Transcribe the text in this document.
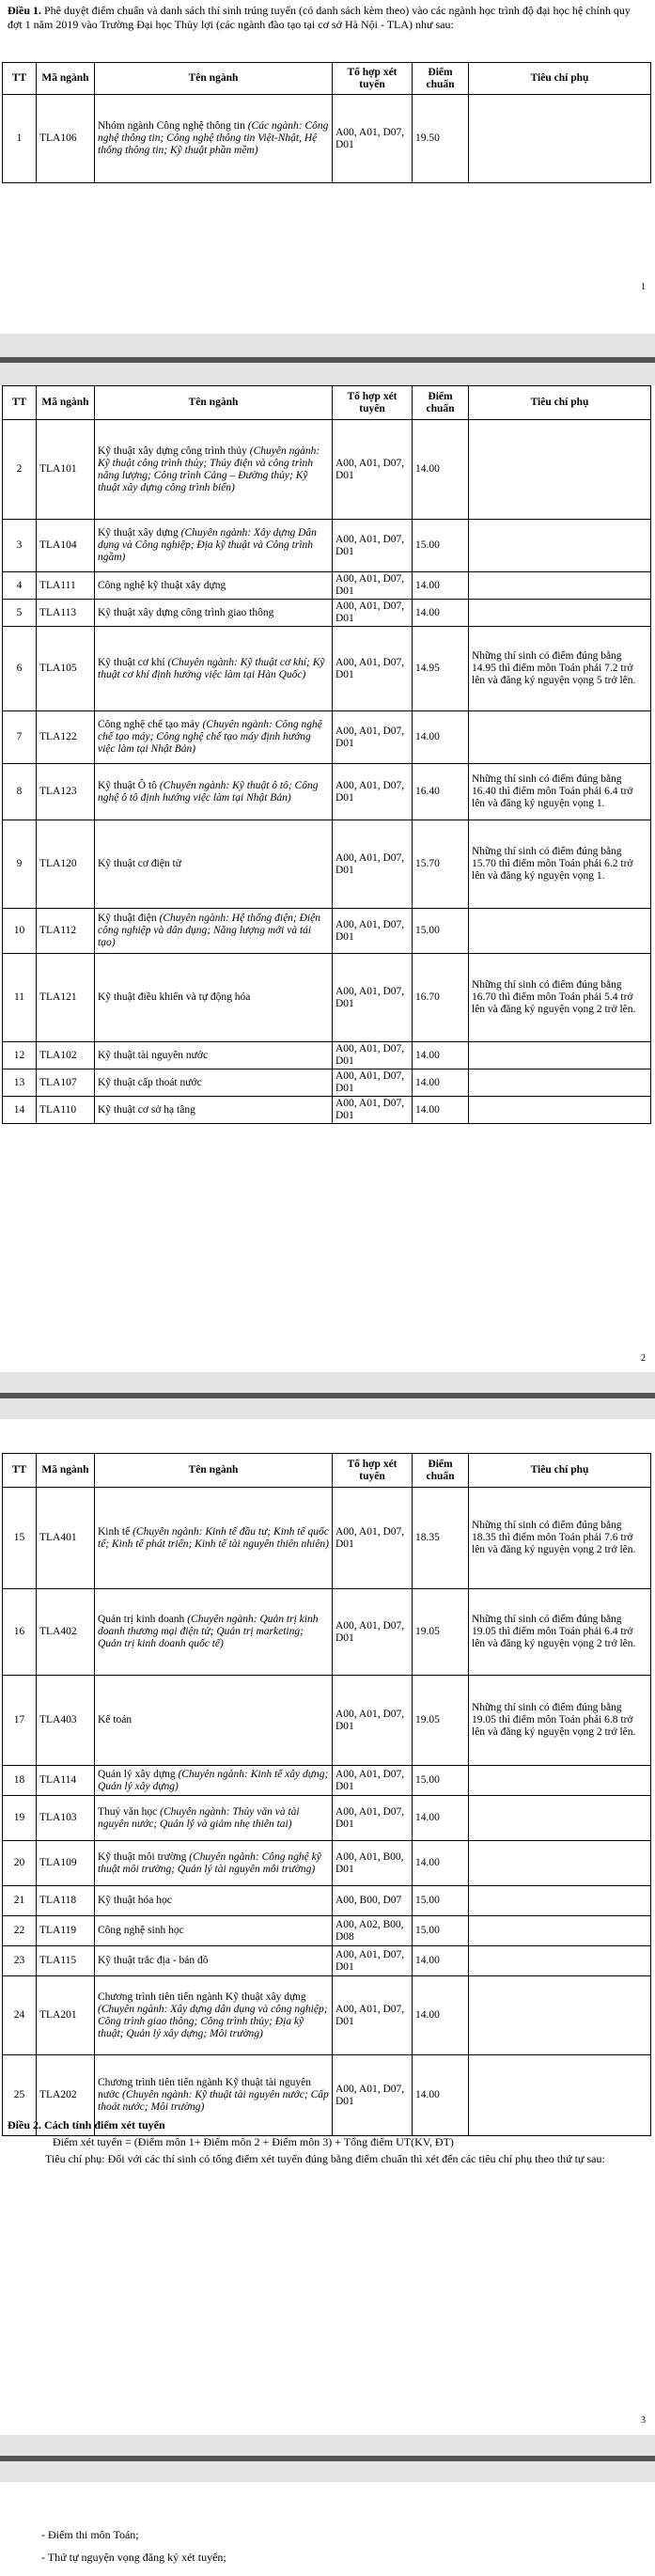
Điều 1. Phê duyệt điểm chuẩn và danh sách thí sinh trúng tuyển (có danh sách kèm theo) vào các ngành học trình độ đại học hệ chính quy đợt 1 năm 2019 vào Trường Đại học Thủy lợi (các ngành đào tạo tại cơ sở Hà Nội - TLA) như sau:
TT	Mã ngành	Tên ngành	Tổ hợp xét tuyển	Điểm chuẩn	Tiêu chí phụ
1	TLA106	Nhóm ngành Công nghệ thông tin (Các ngành: Công nghệ thông tin; Công nghệ thông tin Việt-Nhật, Hệ thống thông tin; Kỹ thuật phần mềm)	A00, A01, D07, D01	19.50	
1
TT	Mã ngành	Tên ngành	Tổ hợp xét tuyển	Điểm chuẩn	Tiêu chí phụ
2	TLA101	Kỹ thuật xây dựng công trình thủy (Chuyên ngành: Kỹ thuật công trình thủy; Thủy điện và công trình năng lượng; Công trình Cảng – Đường thủy; Kỹ thuật xây dựng công trình biển)	A00, A01, D07, D01	14.00	
3	TLA104	Kỹ thuật xây dựng (Chuyên ngành: Xây dựng Dân dụng và Công nghiệp; Địa kỹ thuật và Công trình ngầm)	A00, A01, D07, D01	15.00	
4	TLA111	Công nghệ kỹ thuật xây dựng	A00, A01, D07, D01	14.00	
5	TLA113	Kỹ thuật xây dựng công trình giao thông	A00, A01, D07, D01	14.00	
6	TLA105	Kỹ thuật cơ khí (Chuyên ngành: Kỹ thuật cơ khí; Kỹ thuật cơ khí định hướng việc làm tại Hàn Quốc)	A00, A01, D07, D01	14.95	Những thí sinh có điểm đúng bằng 14.95 thì điểm môn Toán phải 7.2 trở lên và đăng ký nguyện vọng 5 trở lên.
7	TLA122	Công nghệ chế tạo máy (Chuyên ngành: Công nghệ chế tạo máy; Công nghệ chế tạo máy định hướng việc làm tại Nhật Bản)	A00, A01, D07, D01	14.00	
8	TLA123	Kỹ thuật Ô tô (Chuyên ngành: Kỹ thuật ô tô; Công nghệ ô tô định hướng việc làm tại Nhật Bản)	A00, A01, D07, D01	16.40	Những thí sinh có điểm đúng bằng 16.40 thì điểm môn Toán phải 6.4 trở lên và đăng ký nguyện vọng 1.
9	TLA120	Kỹ thuật cơ điện tử	A00, A01, D07, D01	15.70	Những thí sinh có điểm đúng bằng 15.70 thì điểm môn Toán phải 6.2 trở lên và đăng ký nguyện vọng 1.
10	TLA112	Kỹ thuật điện (Chuyên ngành: Hệ thống điện; Điện công nghiệp và dân dụng; Năng lượng mới và tái tạo)	A00, A01, D07, D01	15.00	
11	TLA121	Kỹ thuật điều khiển và tự động hóa	A00, A01, D07, D01	16.70	Những thí sinh có điểm đúng bằng 16.70 thì điểm môn Toán phải 5.4 trở lên và đăng ký nguyện vọng 2 trở lên.
12	TLA102	Kỹ thuật tài nguyên nước	A00, A01, D07, D01	14.00	
13	TLA107	Kỹ thuật cấp thoát nước	A00, A01, D07, D01	14.00	
14	TLA110	Kỹ thuật cơ sở hạ tầng	A00, A01, D07, D01	14.00	
2
TT	Mã ngành	Tên ngành	Tổ hợp xét tuyển	Điểm chuẩn	Tiêu chí phụ
15	TLA401	Kinh tế (Chuyên ngành: Kinh tế đầu tư; Kinh tế quốc tế; Kinh tế phát triển; Kinh tế tài nguyên thiên nhiên)	A00, A01, D07, D01	18.35	Những thí sinh có điểm đúng bằng 18.35 thì điểm môn Toán phải 7.6 trở lên và đăng ký nguyện vọng 2 trở lên.
16	TLA402	Quản trị kinh doanh (Chuyên ngành: Quản trị kinh doanh thương mại điện tử; Quản trị marketing; Quản trị kinh doanh quốc tế)	A00, A01, D07, D01	19.05	Những thí sinh có điểm đúng bằng 19.05 thì điểm môn Toán phải 6.4 trở lên và đăng ký nguyện vọng 2 trở lên.
17	TLA403	Kế toán	A00, A01, D07, D01	19.05	Những thí sinh có điểm đúng bằng 19.05 thì điểm môn Toán phải 6.8 trở lên và đăng ký nguyện vọng 2 trở lên.
18	TLA114	Quản lý xây dựng (Chuyên ngành: Kinh tế xây dựng; Quản lý xây dựng)	A00, A01, D07, D01	15.00	
19	TLA103	Thuỷ văn học (Chuyên ngành: Thủy văn và tài nguyên nước; Quản lý và giảm nhẹ thiên tai)	A00, A01, D07, D01	14.00	
20	TLA109	Kỹ thuật môi trường (Chuyên ngành: Công nghệ kỹ thuật môi trường; Quản lý tài nguyên môi trường)	A00, A01, B00, D01	14.00	
21	TLA118	Kỹ thuật hóa học	A00, B00, D07	15.00	
22	TLA119	Công nghệ sinh học	A00, A02, B00, D08	15.00	
23	TLA115	Kỹ thuật trắc địa - bản đồ	A00, A01, D07, D01	14.00	
24	TLA201	Chương trình tiên tiến ngành Kỹ thuật xây dựng (Chuyên ngành: Xây dựng dân dụng và công nghiệp; Công trình giao thông; Công trình thủy; Địa kỹ thuật; Quản lý xây dựng; Môi trường)	A00, A01, D07, D01	14.00	
25	TLA202	Chương trình tiên tiến ngành Kỹ thuật tài nguyên nước (Chuyên ngành: Kỹ thuật tài nguyên nước; Cấp thoát nước; Môi trường)	A00, A01, D07, D01	14.00	
Điều 2. Cách tính điểm xét tuyển
Điểm xét tuyển = (Điểm môn 1+ Điểm môn 2 + Điểm môn 3) + Tổng điểm UT(KV, ĐT)
Tiêu chí phụ: Đối với các thí sinh có tổng điểm xét tuyển đúng bằng điểm chuẩn thì xét đến các tiêu chí phụ theo thứ tự sau:
3
- Điểm thi môn Toán;
- Thứ tự nguyện vọng đăng ký xét tuyển;
